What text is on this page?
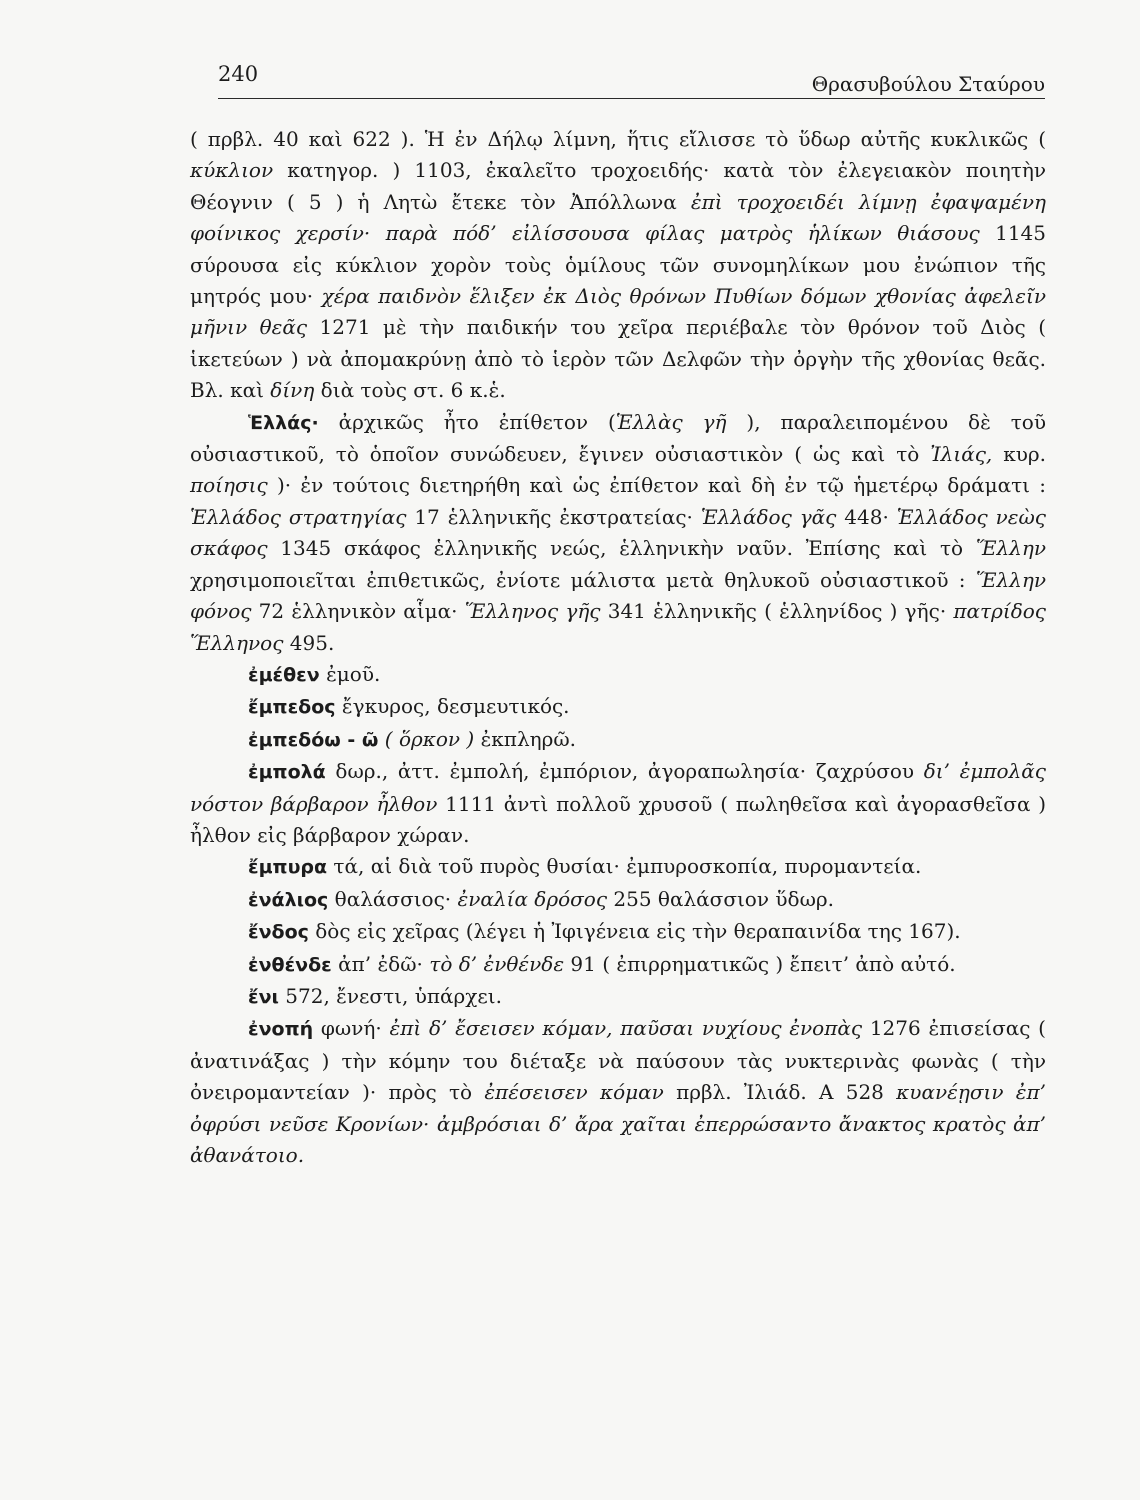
240	Θρασυβούλου Σταύρου

( πρβλ. 40 καὶ 622 ). Ἡ ἐν Δήλῳ λίμνη, ἥτις εἴλισσε τὸ ὕδωρ αὐτῆς κυκλικῶς ( κύκλιον κατηγορ. ) 1103, ἐκαλεῖτο τροχοειδής· κατὰ τὸν ἐλεγειακὸν ποιητὴν Θέογνιν ( 5 ) ἡ Λητὼ ἔτεκε τὸν Ἀπόλλωνα ἐπὶ τροχοειδέι λίμνῃ ἐφαψαμένη φοίνικος χερσίν· παρὰ πόδ’ εἰλίσσουσα φίλας ματρὸς ἡλίκων θιάσους 1145 σύρουσα εἰς κύκλιον χορὸν τοὺς ὁμίλους τῶν συνομηλίκων μου ἐνώπιον τῆς μητρός μου· χέρα παιδνὸν ἕλιξεν ἐκ Διὸς θρόνων Πυθίων δόμων χθονίας ἀφελεῖν μῆνιν θεᾶς 1271 μὲ τὴν παιδικήν του χεῖρα περιέβαλε τὸν θρόνον τοῦ Διὸς ( ἱκετεύων ) νὰ ἀπομακρύνῃ ἀπὸ τὸ ἱερὸν τῶν Δελφῶν τὴν ὀργὴν τῆς χθονίας θεᾶς. Βλ. καὶ δίνη διὰ τοὺς στ. 6 κ.ἑ.

Ἑλλάς· ἀρχικῶς ἦτο ἐπίθετον (Ἑλλὰς γῆ ), παραλειπομένου δὲ τοῦ οὐσιαστικοῦ, τὸ ὁποῖον συνώδευεν, ἔγινεν οὐσιαστικὸν ( ὡς καὶ τὸ Ἰλιάς, κυρ. ποίησις )· ἐν τούτοις διετηρήθη καὶ ὡς ἐπίθετον καὶ δὴ ἐν τῷ ἡμετέρῳ δράματι : Ἑλλάδος στρατηγίας 17 ἑλληνικῆς ἐκστρατείας· Ἑλλάδος γᾶς 448· Ἑλλάδος νεὼς σκάφος 1345 σκάφος ἑλληνικῆς νεώς, ἑλληνικὴν ναῦν. Ἐπίσης καὶ τὸ Ἕλλην χρησιμοποιεῖται ἐπιθετικῶς, ἐνίοτε μάλιστα μετὰ θηλυκοῦ οὐσιαστικοῦ : Ἕλλην φόνος 72 ἑλληνικὸν αἷμα· Ἕλληνος γῆς 341 ἑλληνικῆς ( ἑλληνίδος ) γῆς· πατρίδος Ἕλληνος 495.

ἐμέθεν ἐμοῦ.

ἔμπεδος ἔγκυρος, δεσμευτικός.

ἐμπεδόω - ῶ ( ὅρκον ) ἐκπληρῶ.

ἐμπολά δωρ., ἀττ. ἐμπολή, ἐμπόριον, ἀγοραπωλησία· ζαχρύσου δι’ ἐμπολᾶς νόστον βάρβαρον ἦλθον 1111 ἀντὶ πολλοῦ χρυσοῦ ( πωληθεῖσα καὶ ἀγορασθεῖσα ) ἦλθον εἰς βάρβαρον χώραν.

ἔμπυρα τά, αἱ διὰ τοῦ πυρὸς θυσίαι· ἐμπυροσκοπία, πυρομαντεία.

ἐνάλιος θαλάσσιος· ἐναλία δρόσος 255 θαλάσσιον ὕδωρ.

ἔνδος δὸς εἰς χεῖρας (λέγει ἡ Ἰφιγένεια εἰς τὴν θεραπαινίδα της 167).

ἐνθένδε ἀπ’ ἐδῶ· τὸ δ’ ἐνθένδε 91 ( ἐπιρρηματικῶς ) ἔπειτ’ ἀπὸ αὐτό.

ἔνι 572, ἔνεστι, ὑπάρχει.

ἐνοπή φωνή· ἐπὶ δ’ ἔσεισεν κόμαν, παῦσαι νυχίους ἐνοπὰς 1276 ἐπισείσας ( ἀνατινάξας ) τὴν κόμην του διέταξε νὰ παύσουν τὰς νυκτερινὰς φωνὰς ( τὴν ὀνειρομαντείαν )· πρὸς τὸ ἐπέσεισεν κόμαν πρβλ. Ἰλιάδ. Α 528 κυανέῃσιν ἐπ’ ὀφρύσι νεῦσε Κρονίων· ἀμβρόσιαι δ’ ἄρα χαῖται ἐπερρώσαντο ἄνακτος κρατὸς ἀπ’ ἀθανάτοιο.
